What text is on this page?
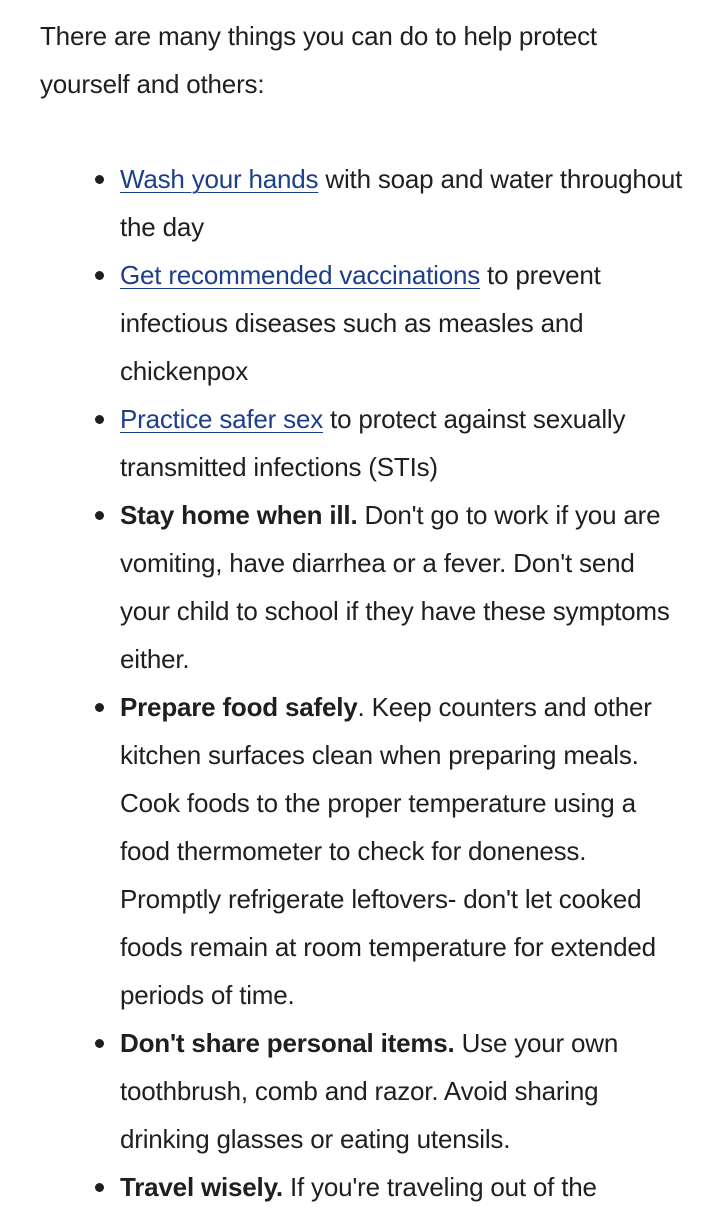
There are many things you can do to help protect yourself and others:

Wash your hands with soap and water throughout the day
Get recommended vaccinations to prevent infectious diseases such as measles and chickenpox
Practice safer sex to protect against sexually transmitted infections (STIs)
Stay home when ill. Don't go to work if you are vomiting, have diarrhea or a fever. Don't send your child to school if they have these symptoms either.
Prepare food safely. Keep counters and other kitchen surfaces clean when preparing meals. Cook foods to the proper temperature using a food thermometer to check for doneness. Promptly refrigerate leftovers- don't let cooked foods remain at room temperature for extended periods of time.
Don't share personal items. Use your own toothbrush, comb and razor. Avoid sharing drinking glasses or eating utensils.
Travel wisely. If you're traveling out of the
